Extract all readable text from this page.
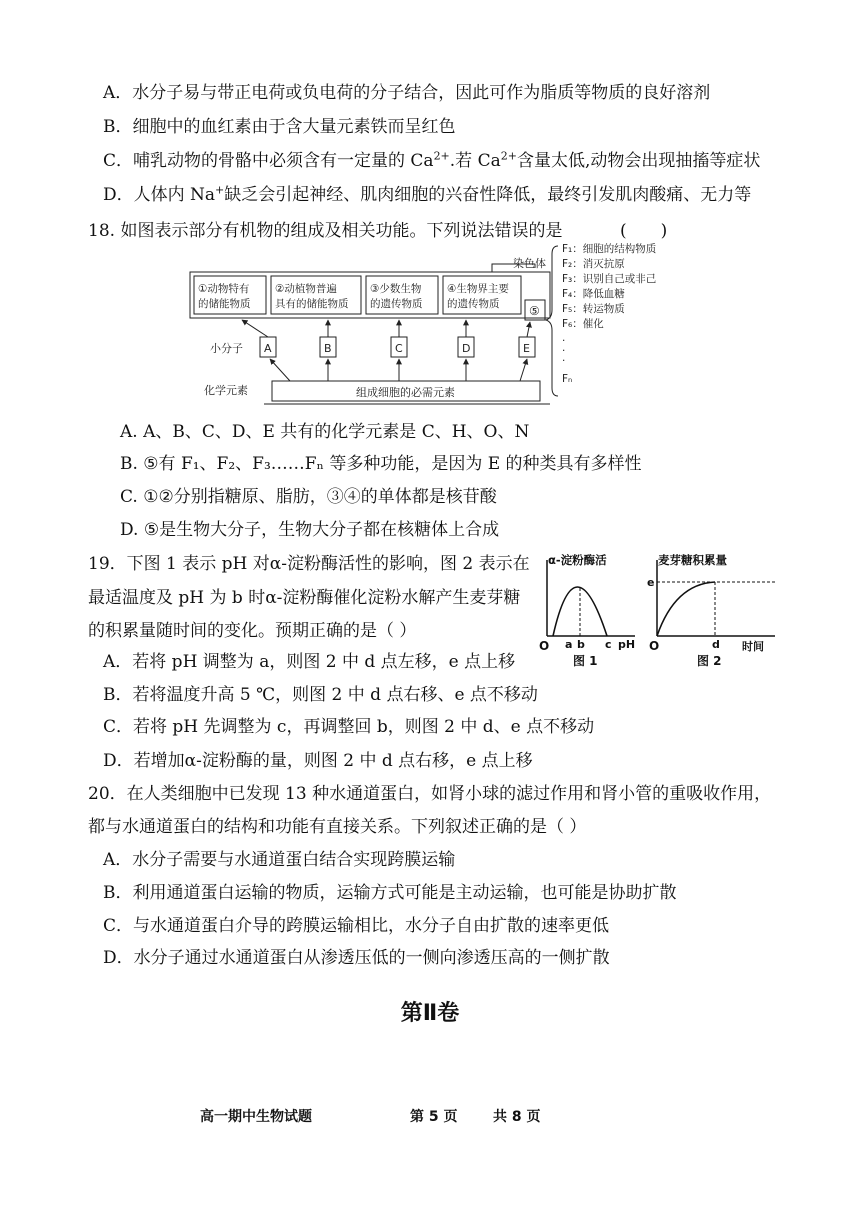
A．水分子易与带正电荷或负电荷的分子结合，因此可作为脂质等物质的良好溶剂
B．细胞中的血红素由于含大量元素铁而呈红色
C．哺乳动物的骨骼中必须含有一定量的 $Ca^{2+}$.若 $Ca^{2+}$含量太低,动物会出现抽搐等症状
D．人体内 Na+缺乏会引起神经、肌肉细胞的兴奋性降低，最终引发肌肉酸痛、无力等
18. 如图表示部分有机物的组成及相关功能。下列说法错误的是	(　　)
染色体
①动物特有
的储能物质
②动植物普遍
具有的储能物质
③少数生物
的遗传物质
④生物界主要
的遗传物质 ⑤
小分子 A	B	C	D	E
化学元素	组成细胞的必需元素
F₁：细胞的结构物质
F₂：消灭抗原
F₃：识别自己或非己
F₄：降低血糖
F₅：转运物质
F₆：催化
·
·
·
Fₙ
A. A、B、C、D、E 共有的化学元素是 C、H、O、N
B. ⑤有 F₁、F₂、F₃……Fₙ 等多种功能，是因为 E 的种类具有多样性
C. ①②分别指糖原、脂肪，③④的单体都是核苷酸
D. ⑤是生物大分子，生物大分子都在核糖体上合成
19．下图 1 表示 pH 对α-淀粉酶活性的影响，图 2 表示在
最适温度及 pH 为 b 时α-淀粉酶催化淀粉水解产生麦芽糖
的积累量随时间的变化。预期正确的是（ ）
α-淀粉酶活
O a b c pH
图 1
麦芽糖积累量
e
O	d 时间
图 2
A．若将 pH 调整为 a，则图 2 中 d 点左移，e 点上移
B．若将温度升高 5 ℃，则图 2 中 d 点右移、e 点不移动
C．若将 pH 先调整为 c，再调整回 b，则图 2 中 d、e 点不移动
D．若增加α-淀粉酶的量，则图 2 中 d 点右移，e 点上移
20．在人类细胞中已发现 13 种水通道蛋白，如肾小球的滤过作用和肾小管的重吸收作用，
都与水通道蛋白的结构和功能有直接关系。下列叙述正确的是（ ）
A．水分子需要与水通道蛋白结合实现跨膜运输
B．利用通道蛋白运输的物质，运输方式可能是主动运输，也可能是协助扩散
C．与水通道蛋白介导的跨膜运输相比，水分子自由扩散的速率更低
D．水分子通过水通道蛋白从渗透压低的一侧向渗透压高的一侧扩散
第Ⅱ卷
高一期中生物试题	第 5 页	共 8 页
